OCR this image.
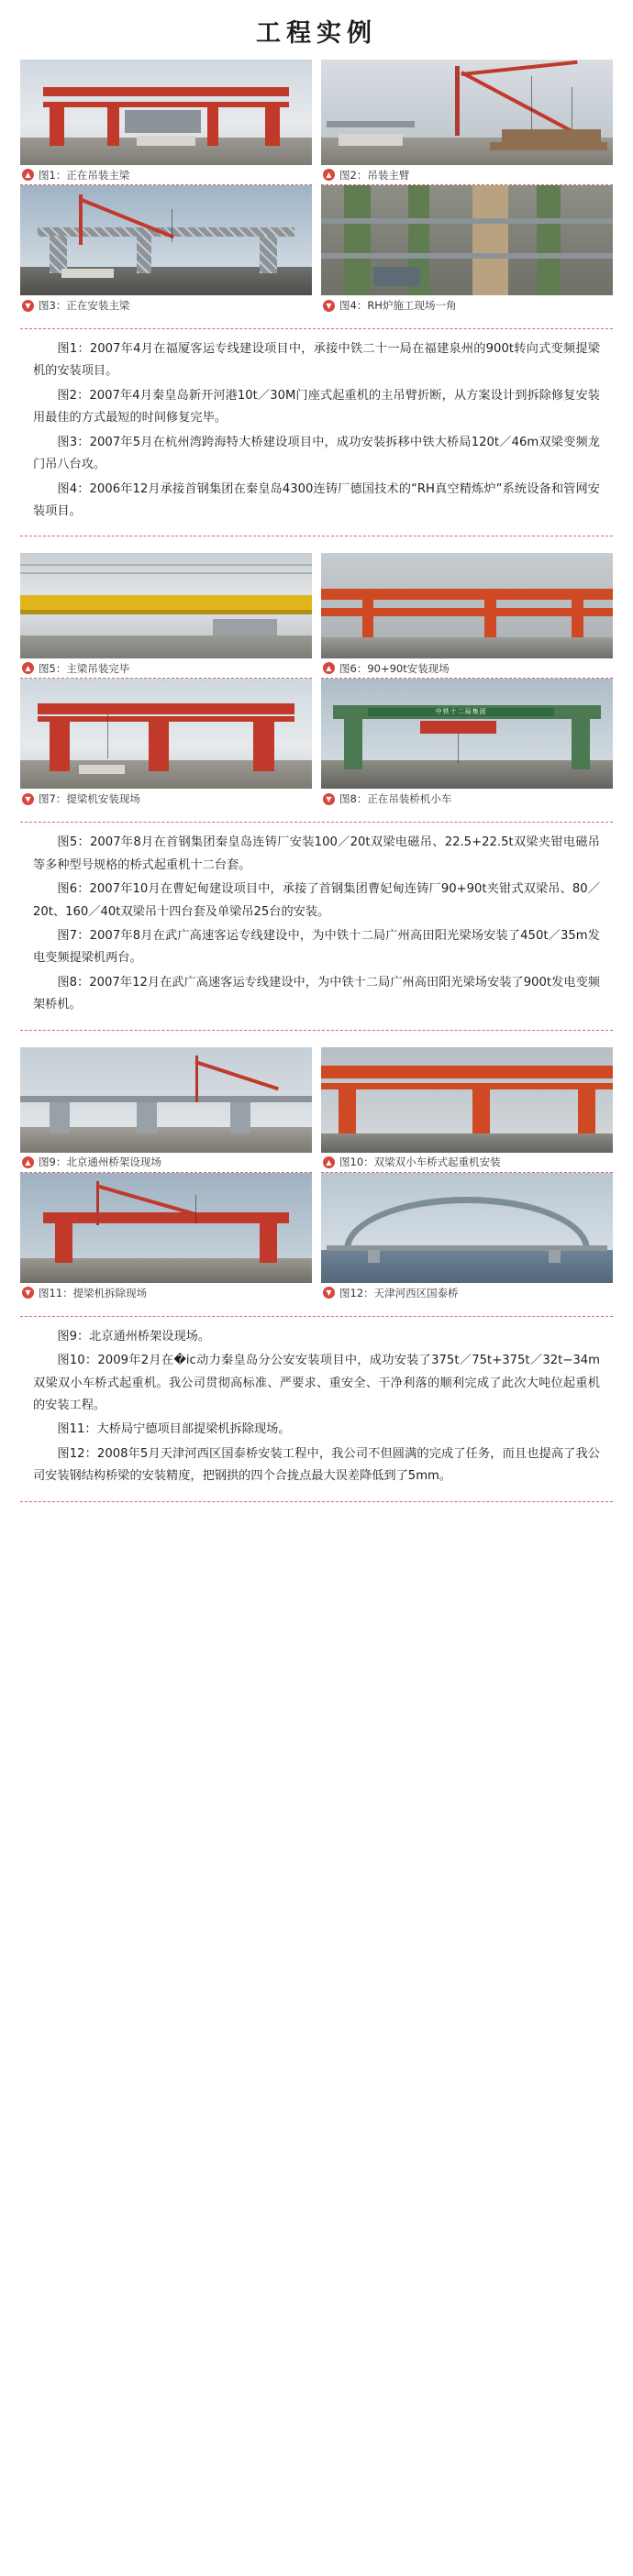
工程实例
▲ 图1：正在吊装主梁	▲ 图2：吊装主臂
▼ 图3：正在安装主梁	▼ 图4：RH炉施工现场一角

图1：2007年4月在福厦客运专线建设项目中，承接中铁二十一局在福建泉州的900t转向式变频提梁机的安装项目。

图2：2007年4月秦皇岛新开河港10t／30M门座式起重机的主吊臂折断，从方案设计到拆除修复安装用最佳的方式最短的时间修复完毕。

图3：2007年5月在杭州湾跨海特大桥建设项目中，成功安装拆移中铁大桥局120t／46m双梁变频龙门吊八台攻。

图4：2006年12月承接首钢集团在秦皇岛4300连铸厂德国技术的“RH真空精炼炉”系统设备和管网安装项目。

▲ 图5：主梁吊装完毕	▲ 图6：90+90t安装现场
▼ 图7：提梁机安装现场
中铁十二局集团
▼ 图8：正在吊装桥机小车

图5：2007年8月在首钢集团秦皇岛连铸厂安装100／20t双梁电磁吊、22.5+22.5t双梁夹钳电磁吊等多种型号规格的桥式起重机十二台套。

图6：2007年10月在曹妃甸建设项目中，承接了首钢集团曹妃甸连铸厂90+90t夹钳式双梁吊、80／20t、160／40t双梁吊十四台套及单梁吊25台的安装。

图7：2007年8月在武广高速客运专线建设中，为中铁十二局广州高田阳光梁场安装了450t／35m发电变频提梁机两台。

图8：2007年12月在武广高速客运专线建设中，为中铁十二局广州高田阳光梁场安装了900t发电变频架桥机。

▲ 图9：北京通州桥架设现场	▲ 图10：双梁双小车桥式起重机安装
▼ 图11：提梁机拆除现场	▼ 图12：天津河西区国泰桥

图9：北京通州桥架设现场。

图10：2009年2月在�ic动力秦皇岛分公安安装项目中，成功安装了375t／75t+375t／32t−34m双梁双小车桥式起重机。我公司贯彻高标准、严要求、重安全、干净利落的顺利完成了此次大吨位起重机的安装工程。

图11：大桥局宁德项目部提梁机拆除现场。

图12：2008年5月天津河西区国泰桥安装工程中，我公司不但圆满的完成了任务，而且也提高了我公司安装钢结构桥梁的安装精度，把钢拱的四个合拢点最大误差降低到了5mm。
